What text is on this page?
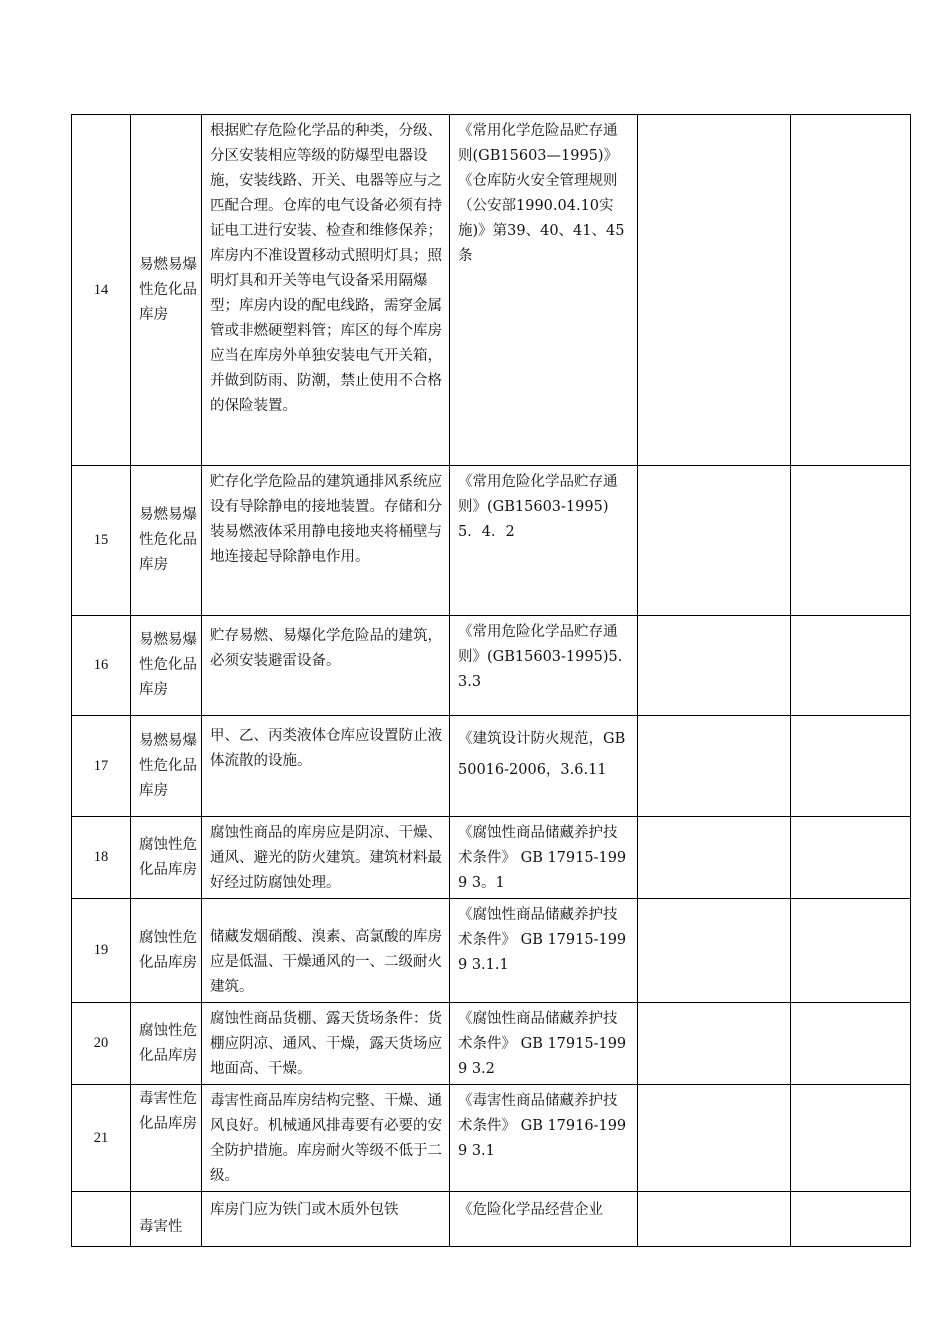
14	易燃易爆性危化品库房	根据贮存危险化学品的种类，分级、分区安装相应等级的防爆型电器设施，安装线路、开关、电器等应与之匹配合理。仓库的电气设备必须有持证电工进行安装、检查和维修保养；库房内不准设置移动式照明灯具；照明灯具和开关等电气设备采用隔爆型；库房内设的配电线路，需穿金属管或非燃硬塑料管；库区的每个库房应当在库房外单独安装电气开关箱，并做到防雨、防潮，禁止使用不合格的保险装置。	《常用化学危险品贮存通则(GB15603—1995)》《仓库防火安全管理规则（公安部1990.04.10实施)》第39、40、41、45条		
15	易燃易爆性危化品库房	贮存化学危险品的建筑通排风系统应设有导除静电的接地装置。存储和分装易燃液体采用静电接地夹将桶壁与地连接起导除静电作用。	《常用危险化学品贮存通则》(GB15603-1995)5．4．2		
16	易燃易爆性危化品库房	贮存易燃、易爆化学危险品的建筑，必须安装避雷设备。	《常用危险化学品贮存通则》(GB15603-1995)5.3.3		
17	易燃易爆性危化品库房	甲、乙、丙类液体仓库应设置防止液体流散的设施。	《建筑设计防火规范，GB50016-2006，3.6.11		
18	腐蚀性危化品库房	腐蚀性商品的库房应是阴凉、干燥、通风、避光的防火建筑。建筑材料最好经过防腐蚀处理。	《腐蚀性商品储藏养护技术条件》 GB 17915-1999 3。1		
19	腐蚀性危化品库房	储藏发烟硝酸、溴素、高氯酸的库房应是低温、干燥通风的一、二级耐火建筑。	《腐蚀性商品储藏养护技术条件》 GB 17915-1999 3.1.1		
20	腐蚀性危化品库房	腐蚀性商品货棚、露天货场条件：货棚应阴凉、通风、干燥，露天货场应地面高、干燥。	《腐蚀性商品储藏养护技术条件》 GB 17915-1999 3.2		
21	毒害性危化品库房	毒害性商品库房结构完整、干燥、通风良好。机械通风排毒要有必要的安全防护措施。库房耐火等级不低于二级。	《毒害性商品储藏养护技术条件》 GB 17916-1999 3.1		
	毒害性	库房门应为铁门或木质外包铁	《危险化学品经营企业		
